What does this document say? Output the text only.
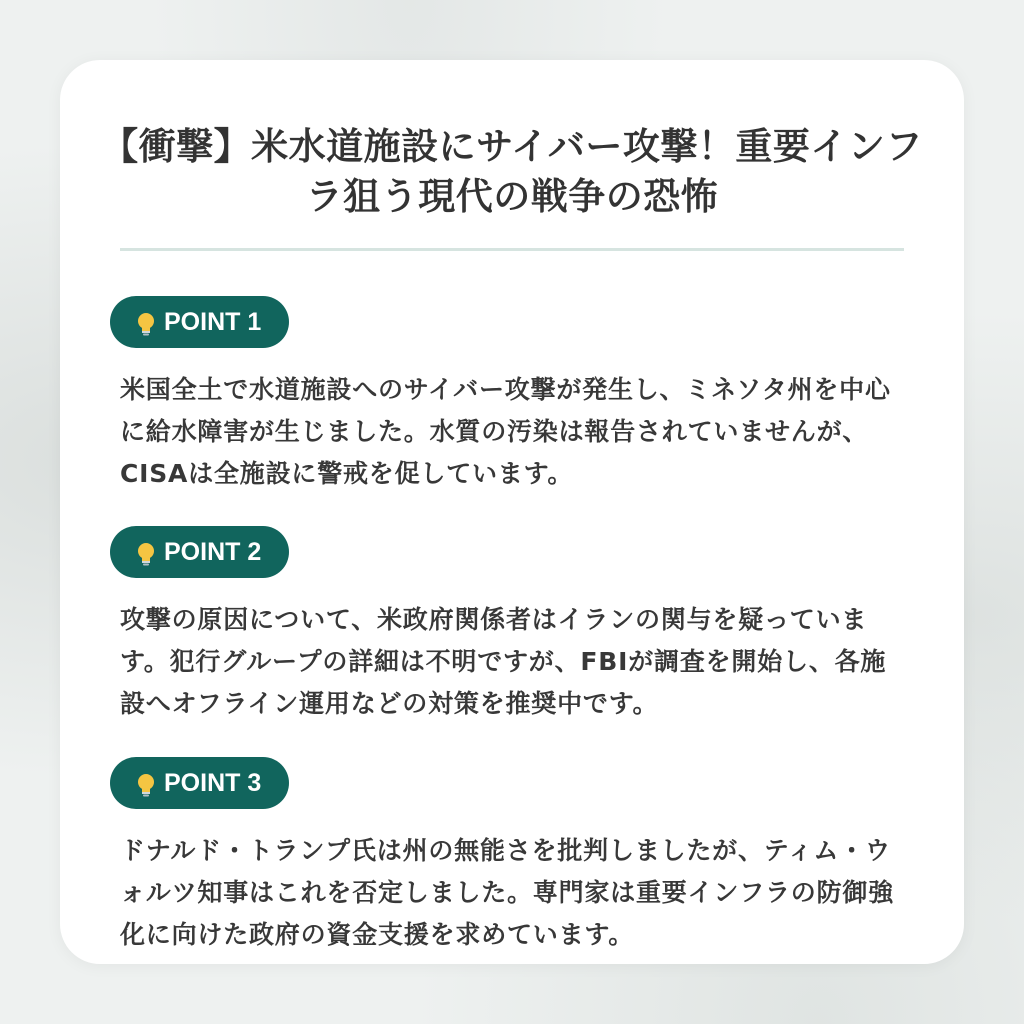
【衝撃】米水道施設にサイバー攻撃！重要インフラ狙う現代の戦争の恐怖
POINT 1
米国全土で水道施設へのサイバー攻撃が発生し、ミネソタ州を中心に給水障害が生じました。水質の汚染は報告されていませんが、CISAは全施設に警戒を促しています。
POINT 2
攻撃の原因について、米政府関係者はイランの関与を疑っています。犯行グループの詳細は不明ですが、FBIが調査を開始し、各施設へオフライン運用などの対策を推奨中です。
POINT 3
ドナルド・トランプ氏は州の無能さを批判しましたが、ティム・ウォルツ知事はこれを否定しました。専門家は重要インフラの防御強化に向けた政府の資金支援を求めています。
